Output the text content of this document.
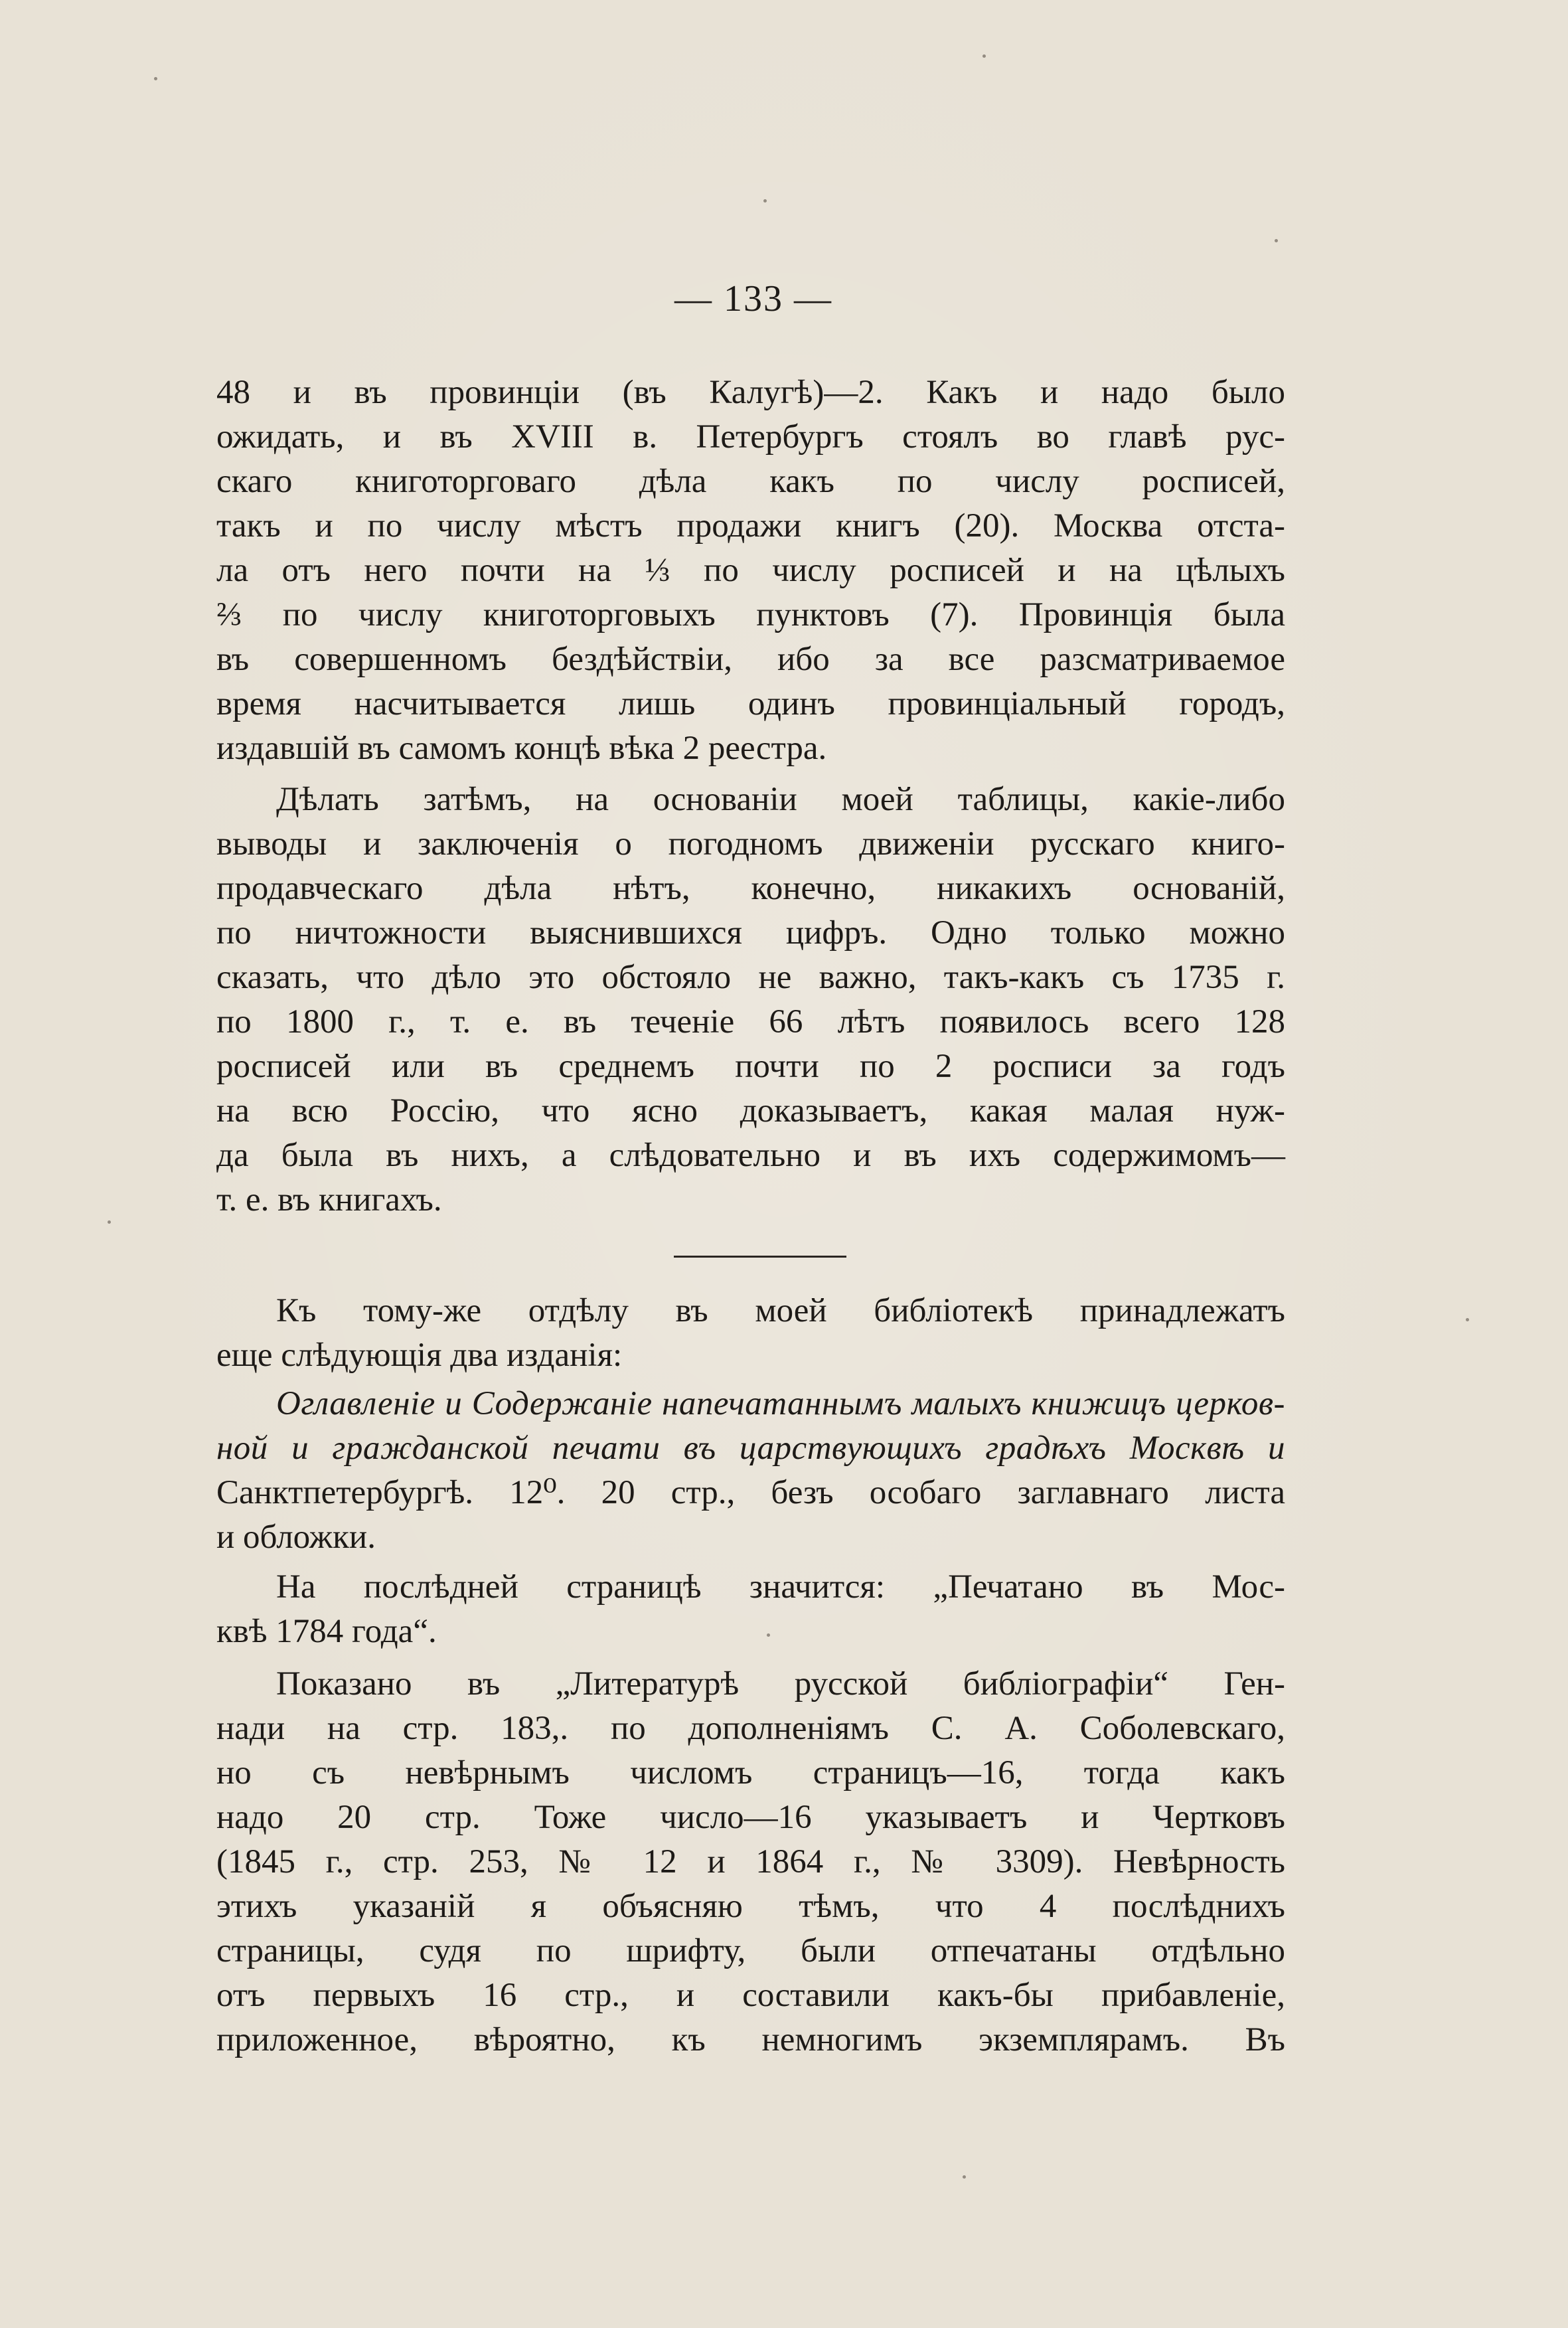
— 133 —
48 и въ провинціи (въ Калугѣ)—2. Какъ и надо было
ожидать, и въ XVIII в. Петербургъ стоялъ во главѣ рус-
скаго книготорговаго дѣла какъ по числу росписей,
такъ и по числу мѣстъ продажи книгъ (20). Москва отста-
ла отъ него почти на ⅓ по числу росписей и на цѣлыхъ
⅔ по числу книготорговыхъ пунктовъ (7). Провинція была
въ совершенномъ бездѣйствіи, ибо за все разсматриваемое
время насчитывается лишь одинъ провинціальный городъ,
издавшій въ самомъ концѣ вѣка 2 реестра.
Дѣлать затѣмъ, на основаніи моей таблицы, какіе-либо
выводы и заключенія о погодномъ движеніи русскаго книго-
продавческаго дѣла нѣтъ, конечно, никакихъ основаній,
по ничтожности выяснившихся цифръ. Одно только можно
сказать, что дѣло это обстояло не важно, такъ-какъ съ 1735 г.
по 1800 г., т. е. въ теченіе 66 лѣтъ появилось всего 128
росписей или въ среднемъ почти по 2 росписи за годъ
на всю Россію, что ясно доказываетъ, какая малая нуж-
да была въ нихъ, а слѣдовательно и въ ихъ содержимомъ—
т. е. въ книгахъ.
Къ тому-же отдѣлу въ моей библіотекѣ принадлежатъ
еще слѣдующія два изданія:
Оглавленіе и Содержаніе напечатаннымъ малыхъ книжицъ церков-
ной и гражданской печати въ царствующихъ градѣхъ Москвѣ и
Санктпетербургѣ. 12⁰. 20 стр., безъ особаго заглавнаго листа
и обложки.
На послѣдней страницѣ значится: „Печатано въ Мос-
квѣ 1784 года“.
Показано въ „Литературѣ русской библіографіи“ Ген-
нади на стр. 183,. по дополненіямъ С. А. Соболевскаго,
но съ невѣрнымъ числомъ страницъ—16, тогда какъ
надо 20 стр. Тоже число—16 указываетъ и Чертковъ
(1845 г., стр. 253, № 12 и 1864 г., № 3309). Невѣрность
этихъ указаній я объясняю тѣмъ, что 4 послѣднихъ
страницы, судя по шрифту, были отпечатаны отдѣльно
отъ первыхъ 16 стр., и составили какъ-бы прибавленіе,
приложенное, вѣроятно, къ немногимъ экземплярамъ. Въ
